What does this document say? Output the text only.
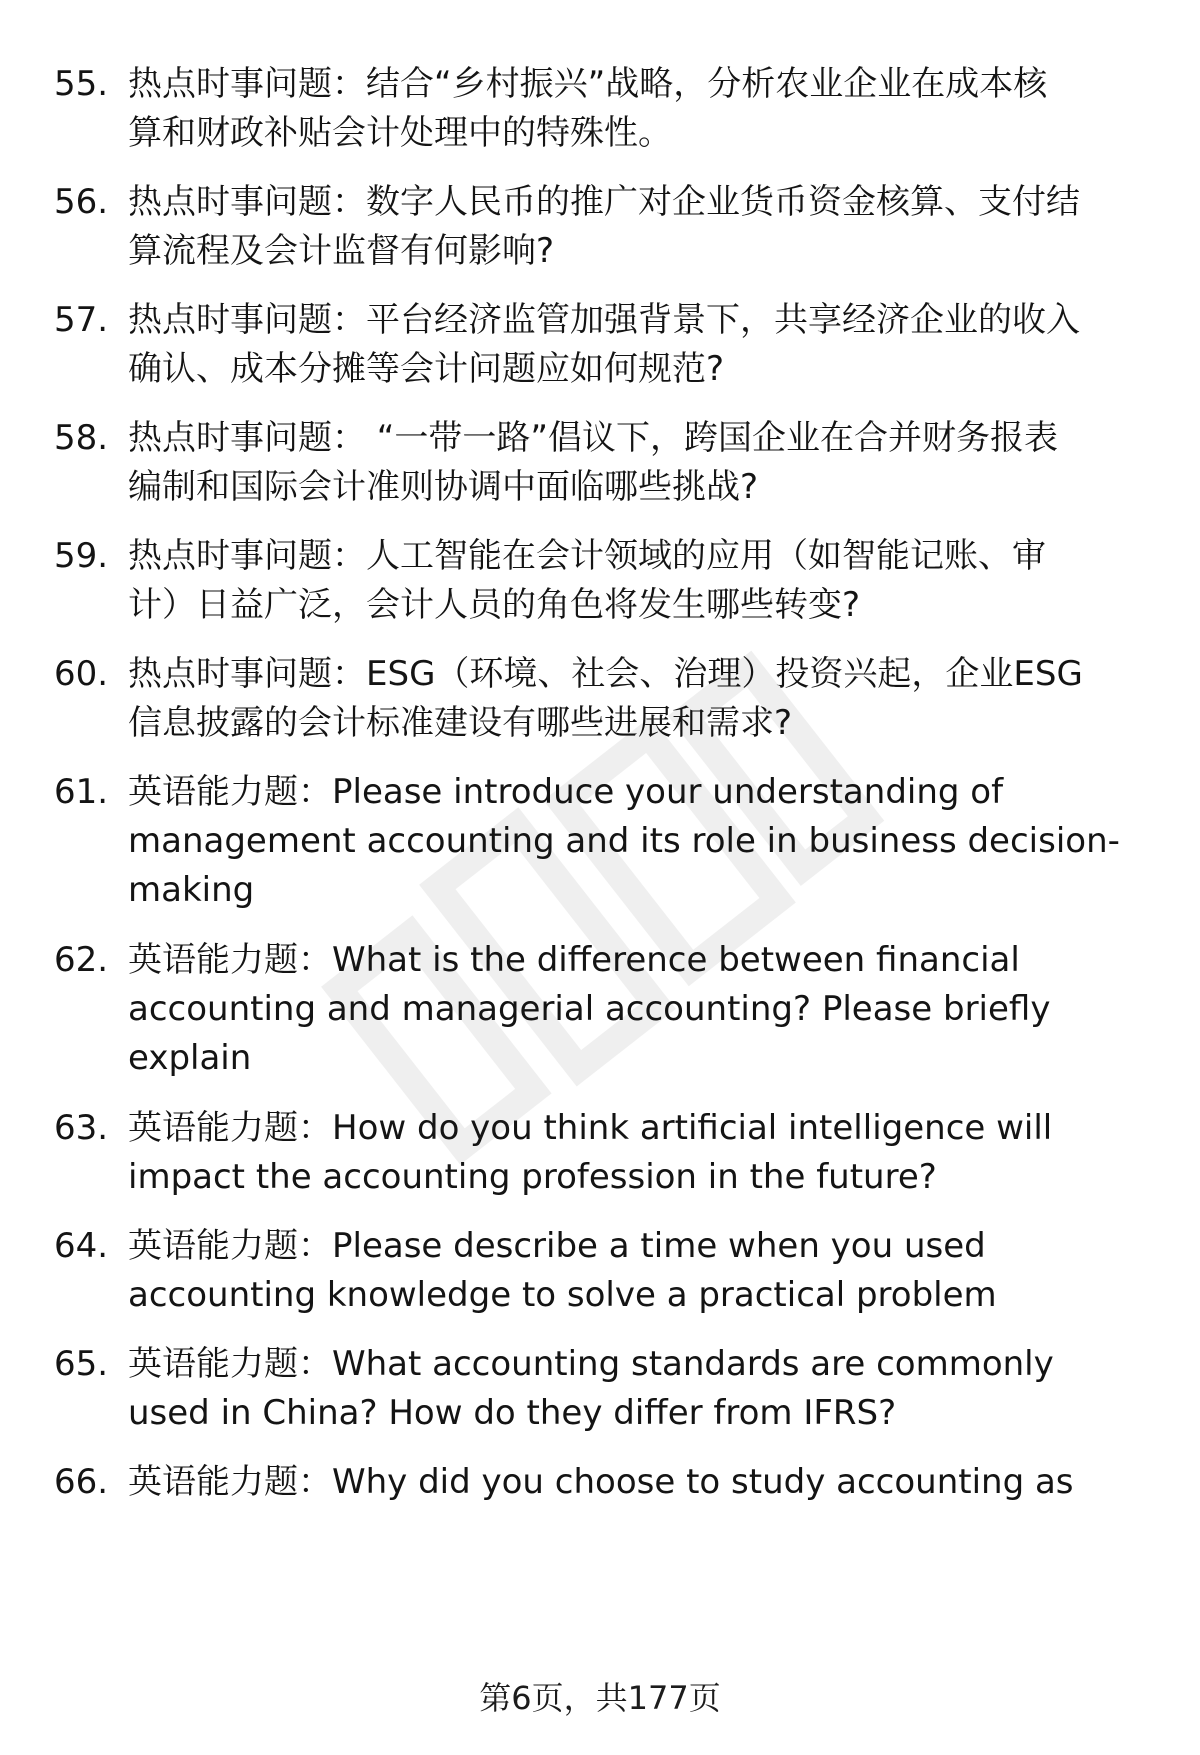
55. 热点时事问题：结合“乡村振兴”战略，分析农业企业在成本核
算和财政补贴会计处理中的特殊性。
56. 热点时事问题：数字人民币的推广对企业货币资金核算、支付结
算流程及会计监督有何影响?
57. 热点时事问题：平台经济监管加强背景下，共享经济企业的收入
确认、成本分摊等会计问题应如何规范?
58. 热点时事问题： “一带一路”倡议下，跨国企业在合并财务报表
编制和国际会计准则协调中面临哪些挑战?
59. 热点时事问题：人工智能在会计领域的应用（如智能记账、审
计）日益广泛，会计人员的角色将发生哪些转变?
60. 热点时事问题：ESG（环境、社会、治理）投资兴起，企业ESG
信息披露的会计标准建设有哪些进展和需求?
61. 英语能力题：Please introduce your understanding of
management accounting and its role in business decision-
making
62. 英语能力题：What is the difference between financial
accounting and managerial accounting? Please briefly
explain
63. 英语能力题：How do you think artificial intelligence will
impact the accounting profession in the future?
64. 英语能力题：Please describe a time when you used
accounting knowledge to solve a practical problem
65. 英语能力题：What accounting standards are commonly
used in China? How do they differ from IFRS?
66. 英语能力题：Why did you choose to study accounting as
第6页，共177页
